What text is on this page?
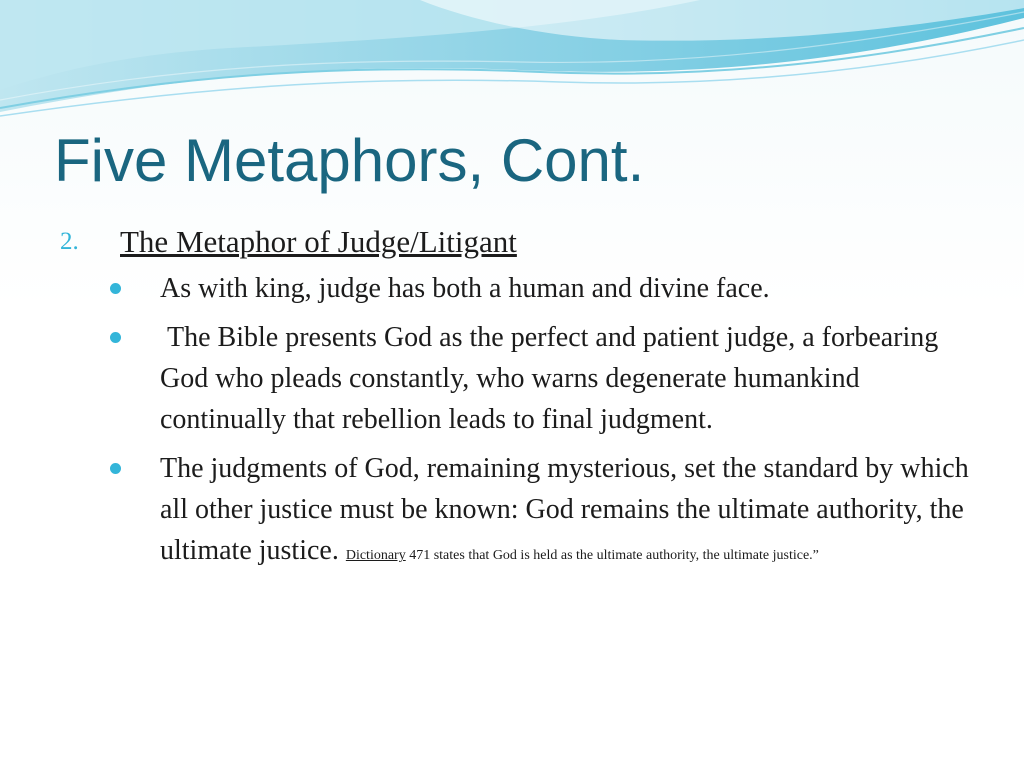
Five Metaphors, Cont.
2. The Metaphor of Judge/Litigant
As with king, judge has both a human and divine face.
The Bible presents God as the perfect and patient judge, a forbearing God who pleads constantly, who warns degenerate humankind continually that rebellion leads to final judgment.
The judgments of God, remaining mysterious, set the standard by which all other justice must be known: God remains the ultimate authority, the ultimate justice. Dictionary 471 states that God is held as the ultimate authority, the ultimate justice.”
